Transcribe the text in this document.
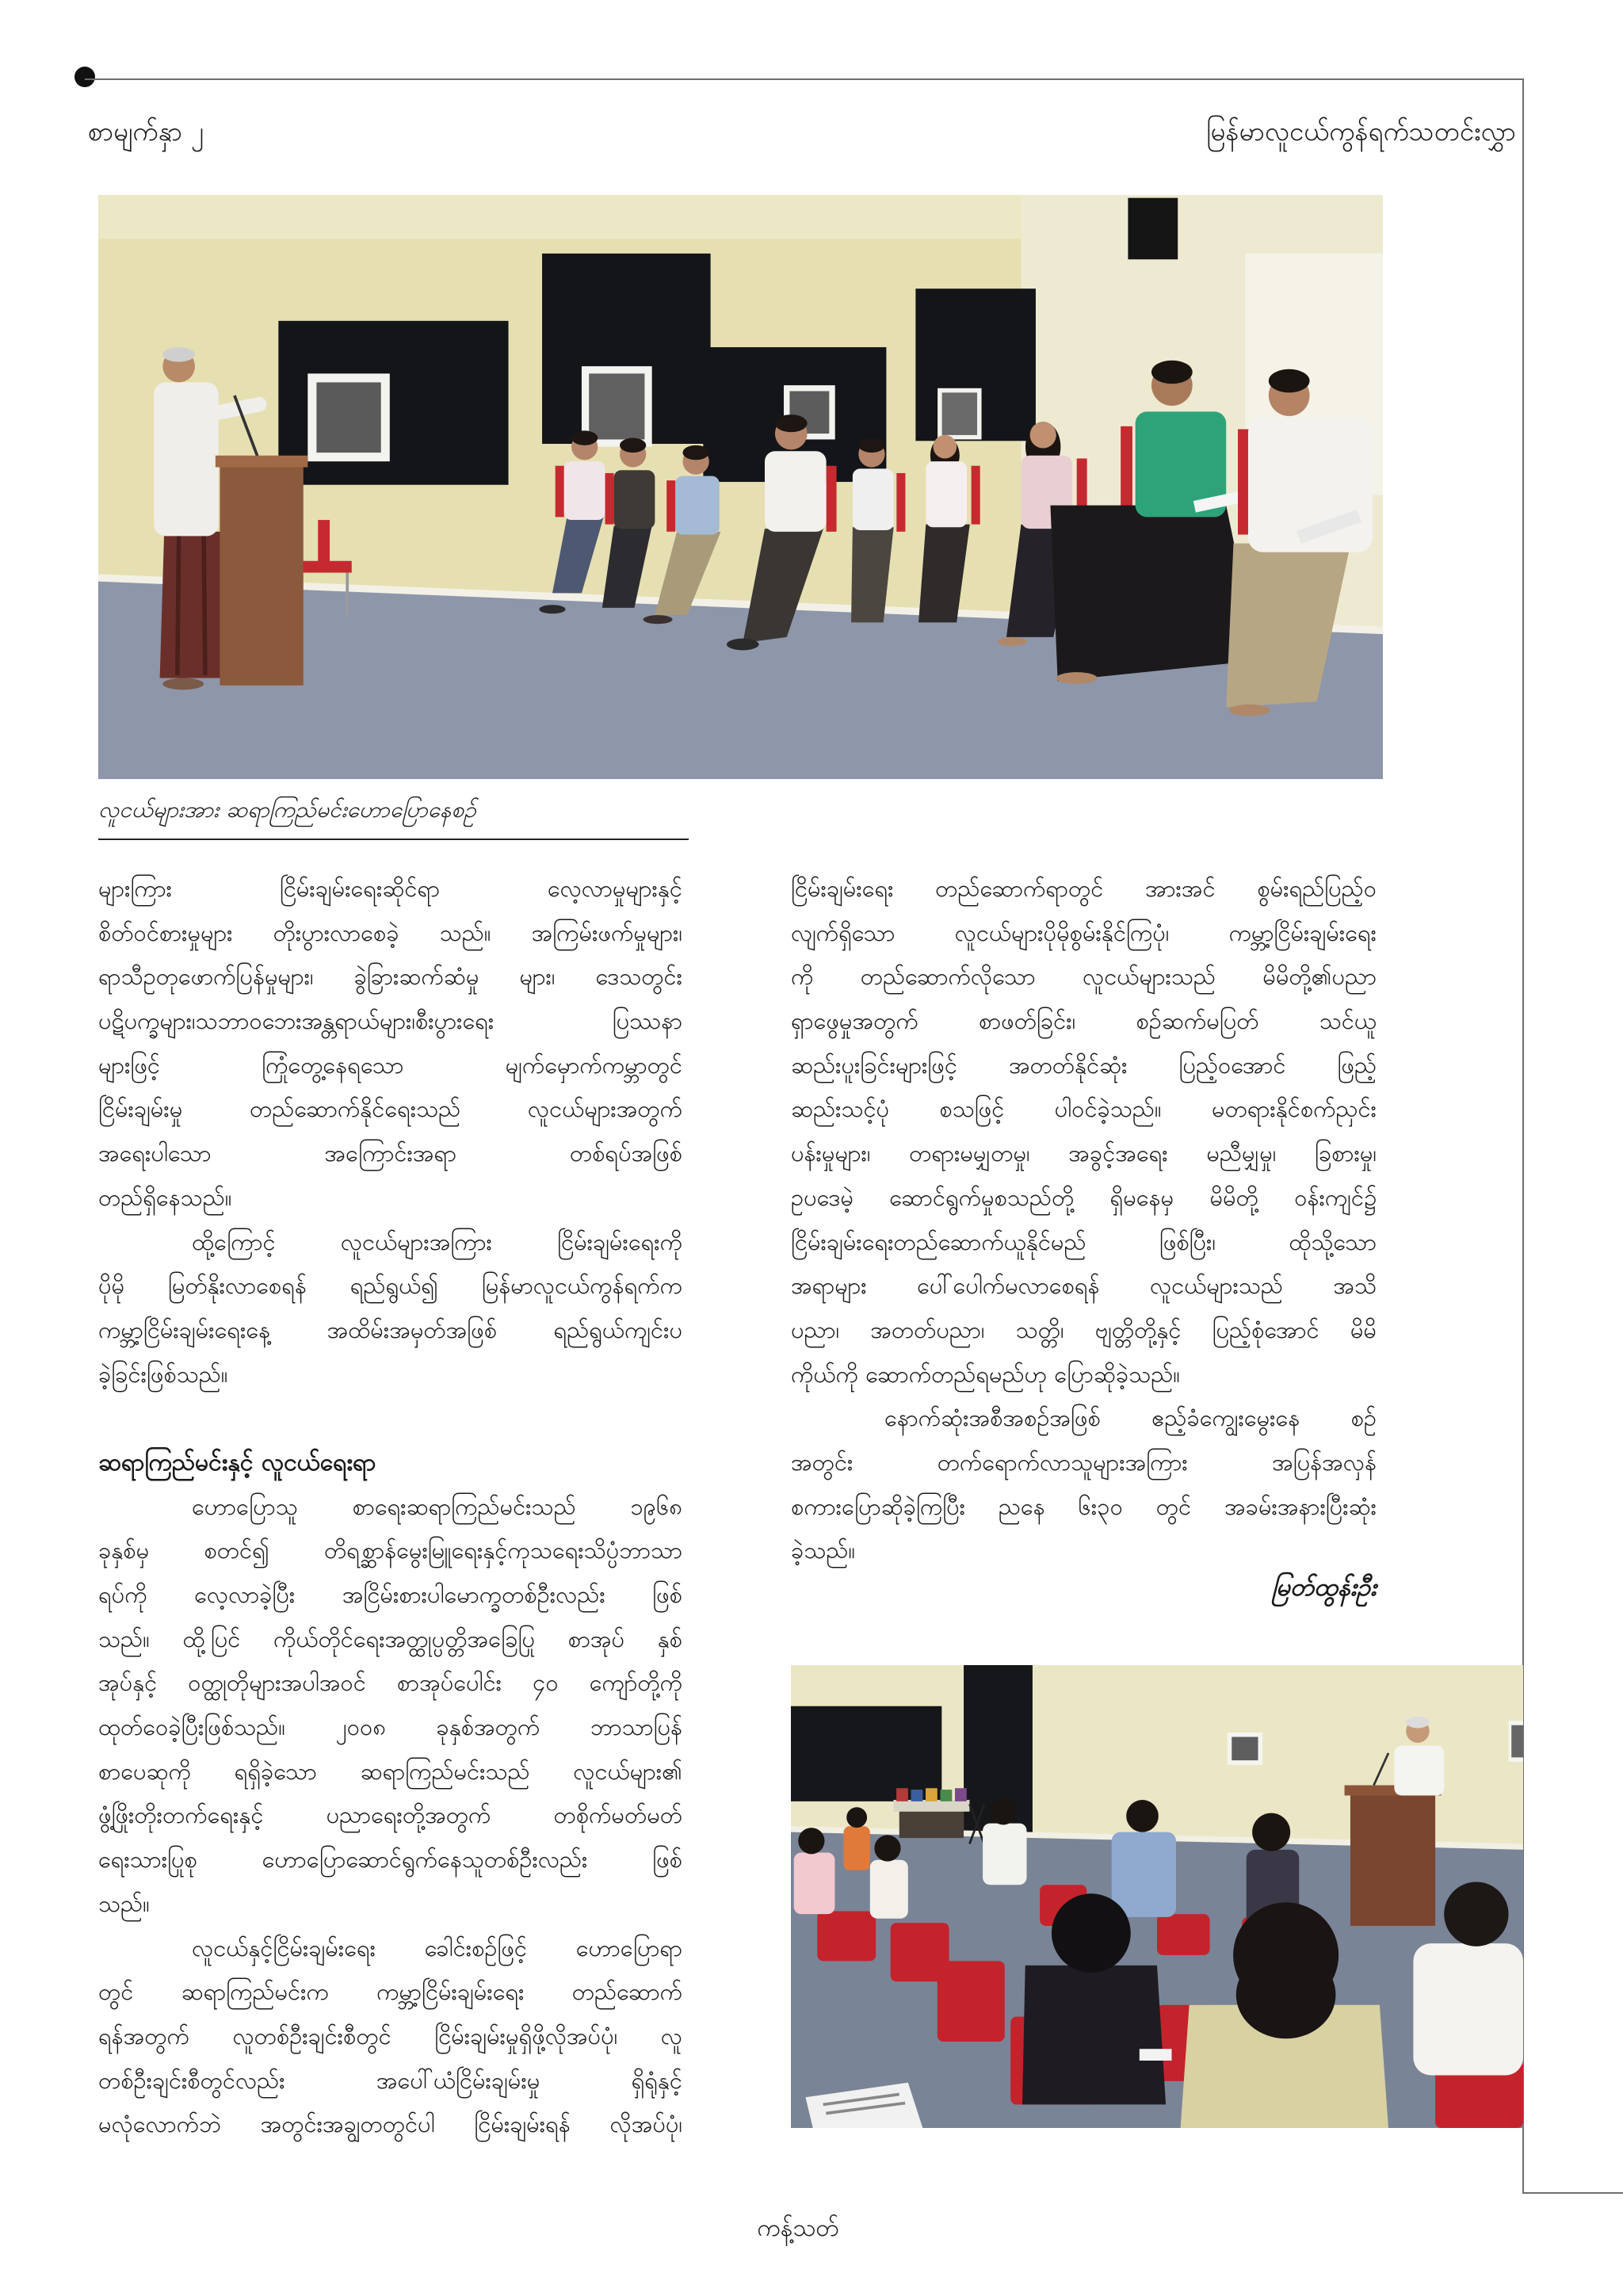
စာမျက်နှာ ၂	မြန်မာလူငယ်ကွန်ရက်သတင်းလွှာ
လူငယ်များအား ဆရာကြည်မင်းဟောပြောနေစဉ်
များကြား ငြိမ်းချမ်းရေးဆိုင်ရာ လေ့လာမှုများနှင့်
စိတ်ဝင်စားမှုများ တိုးပွားလာစေခဲ့ သည်။ အကြမ်းဖက်မှုများ၊
ရာသီဥတုဖောက်ပြန်မှုများ၊ ခွဲခြားဆက်ဆံမှု များ၊ ဒေသတွင်း
ပဋိပက္ခများ၊သဘာဝဘေးအန္တရာယ်များ၊စီးပွားရေး ပြဿနာ
များဖြင့် ကြုံတွေ့နေရသော မျက်မှောက်ကမ္ဘာတွင်
ငြိမ်းချမ်းမှု တည်ဆောက်နိုင်ရေးသည် လူငယ်များအတွက်
အရေးပါသော အကြောင်းအရာ တစ်ရပ်အဖြစ်
တည်ရှိနေသည်။
ထို့ကြောင့် လူငယ်များအကြား ငြိမ်းချမ်းရေးကို
ပိုမို မြတ်နိုးလာစေရန် ရည်ရွယ်၍ မြန်မာလူငယ်ကွန်ရက်က
ကမ္ဘာ့ငြိမ်းချမ်းရေးနေ့ အထိမ်းအမှတ်အဖြစ် ရည်ရွယ်ကျင်းပ
ခဲ့ခြင်းဖြစ်သည်။
ဆရာကြည်မင်းနှင့် လူငယ်ရေးရာ
ဟောပြောသူ စာရေးဆရာကြည်မင်းသည် ၁၉၆၈
ခုနှစ်မှ စတင်၍ တိရစ္ဆာန်မွေးမြူရေးနှင့်ကုသရေးသိပ္ပံဘာသာ
ရပ်ကို လေ့လာခဲ့ပြီး အငြိမ်းစားပါမောက္ခတစ်ဦးလည်း ဖြစ်
သည်။ ထို့ပြင် ကိုယ်တိုင်ရေးအတ္ထုပ္ပတ္တိအခြေပြု စာအုပ် နှစ်
အုပ်နှင့် ဝတ္ထုတိုများအပါအဝင် စာအုပ်ပေါင်း ၄၀ ကျော်တို့ကို
ထုတ်ဝေခဲ့ပြီးဖြစ်သည်။ ၂၀၀၈ ခုနှစ်အတွက် ဘာသာပြန်
စာပေဆုကို ရရှိခဲ့သော ဆရာကြည်မင်းသည် လူငယ်များ၏
ဖွံ့ဖြိုးတိုးတက်ရေးနှင့် ပညာရေးတို့အတွက် တစိုက်မတ်မတ်
ရေးသားပြုစု ဟောပြောဆောင်ရွက်နေသူတစ်ဦးလည်း ဖြစ်
သည်။
လူငယ်နှင့်ငြိမ်းချမ်းရေး ခေါင်းစဉ်ဖြင့် ဟောပြောရာ
တွင် ဆရာကြည်မင်းက ကမ္ဘာ့ငြိမ်းချမ်းရေး တည်ဆောက်
ရန်အတွက် လူတစ်ဦးချင်းစီတွင် ငြိမ်းချမ်းမှုရှိဖို့လိုအပ်ပုံ၊ လူ
တစ်ဦးချင်းစီတွင်လည်း အပေါ်ယံငြိမ်းချမ်းမှု ရှိရုံနှင့်
မလုံလောက်ဘဲ အတွင်းအချွတတွင်ပါ ငြိမ်းချမ်းရန် လိုအပ်ပုံ၊
ငြိမ်းချမ်းရေး တည်ဆောက်ရာတွင် အားအင် စွမ်းရည်ပြည့်ဝ
လျက်ရှိသော လူငယ်များပိုမိုစွမ်းနိုင်ကြပုံ၊ ကမ္ဘာ့ငြိမ်းချမ်းရေး
ကို တည်ဆောက်လိုသော လူငယ်များသည် မိမိတို့၏ပညာ
ရှာဖွေမှုအတွက် စာဖတ်ခြင်း၊ စဉ်ဆက်မပြတ် သင်ယူ
ဆည်းပူးခြင်းများဖြင့် အတတ်နိုင်ဆုံး ပြည့်ဝအောင် ဖြည့်
ဆည်းသင့်ပုံ စသဖြင့် ပါဝင်ခဲ့သည်။ မတရားနိုင်စက်ညှင်း
ပန်းမှုများ၊ တရားမမျှတမှု၊ အခွင့်အရေး မညီမျှမှု၊ ခြစားမှု၊
ဥပဒေမဲ့ ဆောင်ရွက်မှုစသည်တို့ ရှိမနေမှ မိမိတို့ ဝန်းကျင်၌
ငြိမ်းချမ်းရေးတည်ဆောက်ယူနိုင်မည် ဖြစ်ပြီး၊ ထိုသို့သော
အရာများ ပေါ်ပေါက်မလာစေရန် လူငယ်များသည် အသိ
ပညာ၊ အတတ်ပညာ၊ သတ္တိ၊ ဗျတ္တိတို့နှင့် ပြည့်စုံအောင် မိမိ
ကိုယ်ကို ဆောက်တည်ရမည်ဟု ပြောဆိုခဲ့သည်။
နောက်ဆုံးအစီအစဉ်အဖြစ် ဧည့်ခံကျွေးမွေးနေ စဉ်
အတွင်း တက်ရောက်လာသူများအကြား အပြန်အလှန်
စကားပြောဆိုခဲ့ကြပြီး ညနေ ၆း၃၀ တွင် အခမ်းအနားပြီးဆုံး
ခဲ့သည်။
မြတ်ထွန်းဦး
ကန့်သတ်
